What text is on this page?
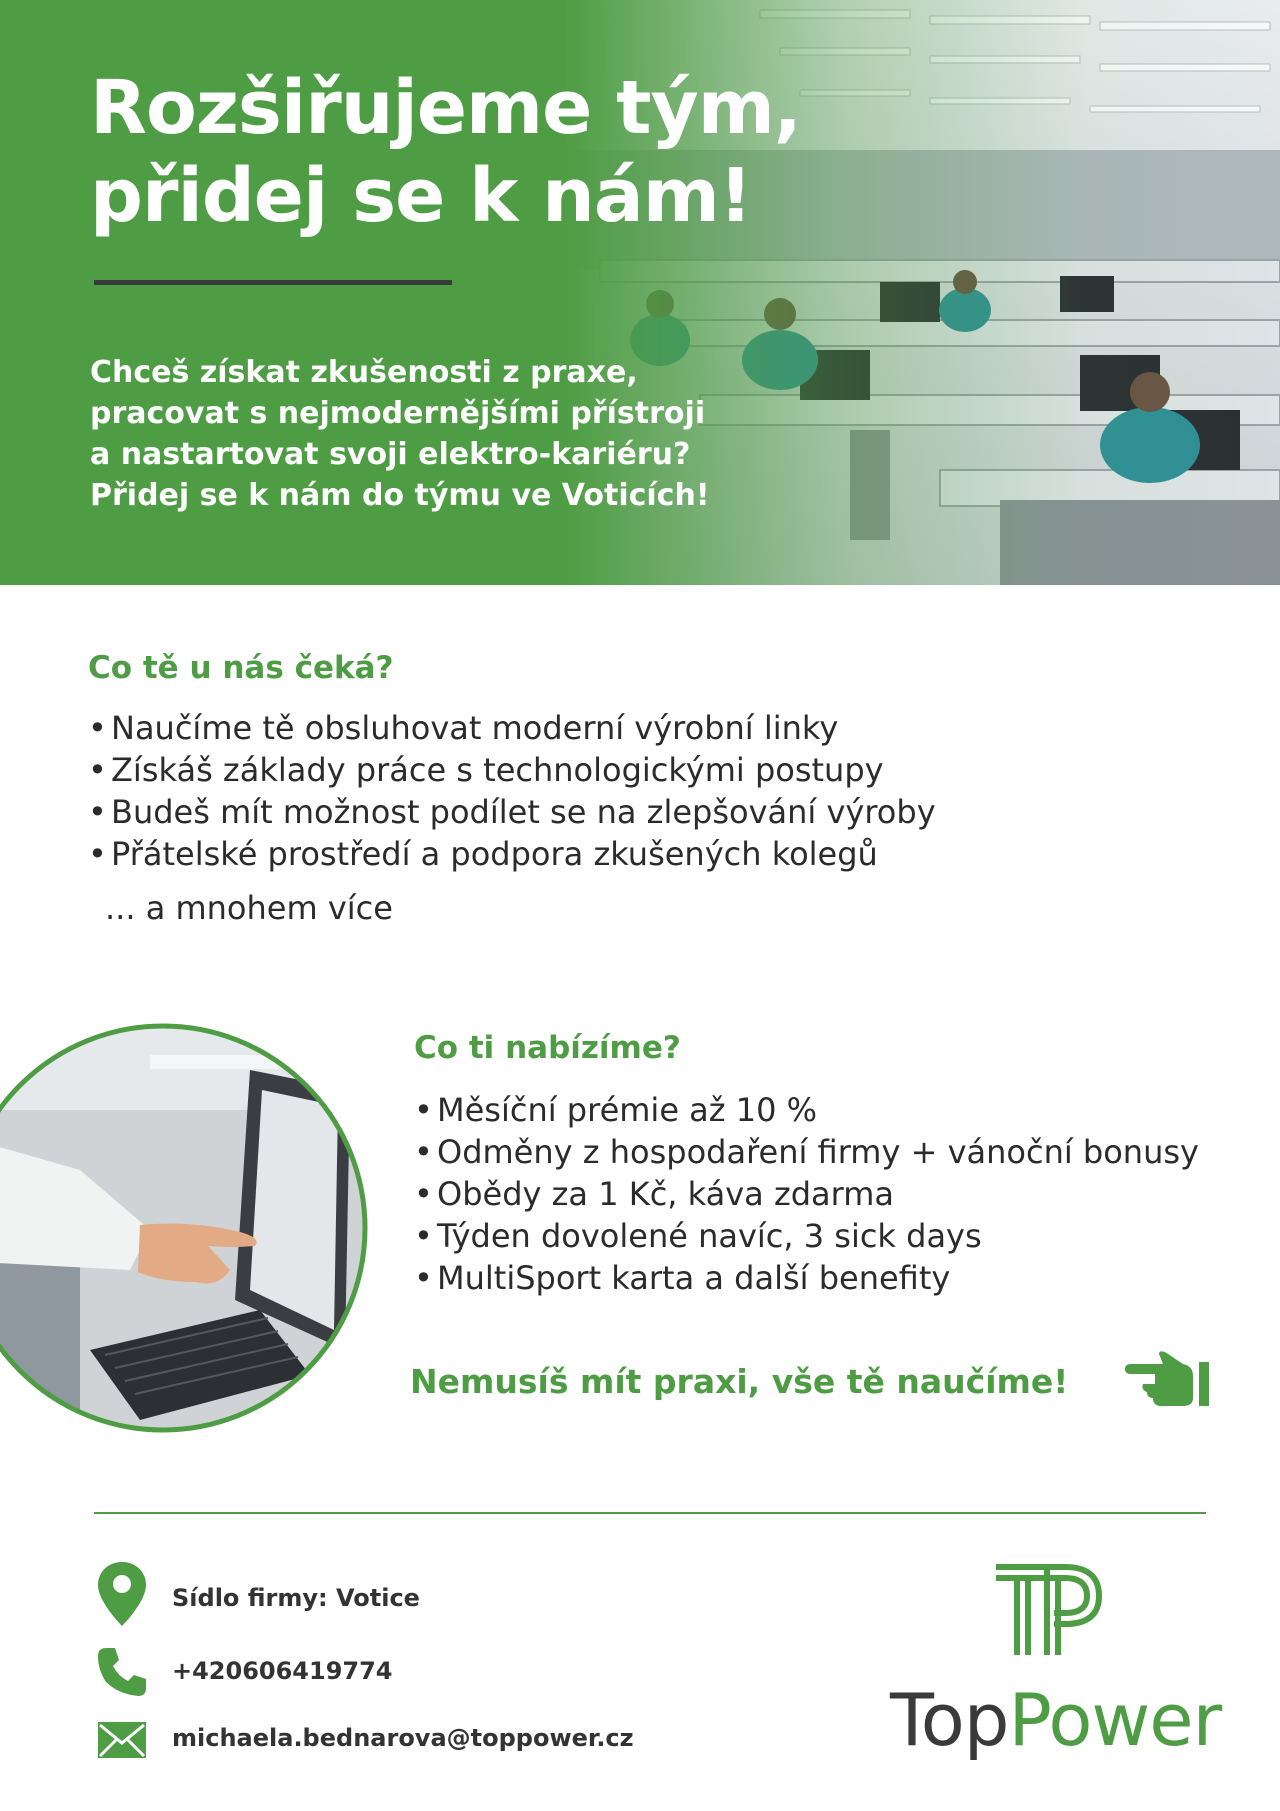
Rozšiřujeme tým,
přidej se k nám!
Chceš získat zkušenosti z praxe,
pracovat s nejmodernějšími přístroji
a nastartovat svoji elektro-kariéru?
Přidej se k nám do týmu ve Voticích!
Co tě u nás čeká?
• Naučíme tě obsluhovat moderní výrobní linky
• Získáš základy práce s technologickými postupy
• Budeš mít možnost podílet se na zlepšování výroby
• Přátelské prostředí a podpora zkušených kolegů
... a mnohem více
Co ti nabízíme?
• Měsíční prémie až 10 %
• Odměny z hospodaření firmy + vánoční bonusy
• Obědy za 1 Kč, káva zdarma
• Týden dovolené navíc, 3 sick days
• MultiSport karta a další benefity
Nemusíš mít praxi, vše tě naučíme!
Sídlo firmy: Votice
+420606419774
michaela.bednarova@toppower.cz	TopPower
